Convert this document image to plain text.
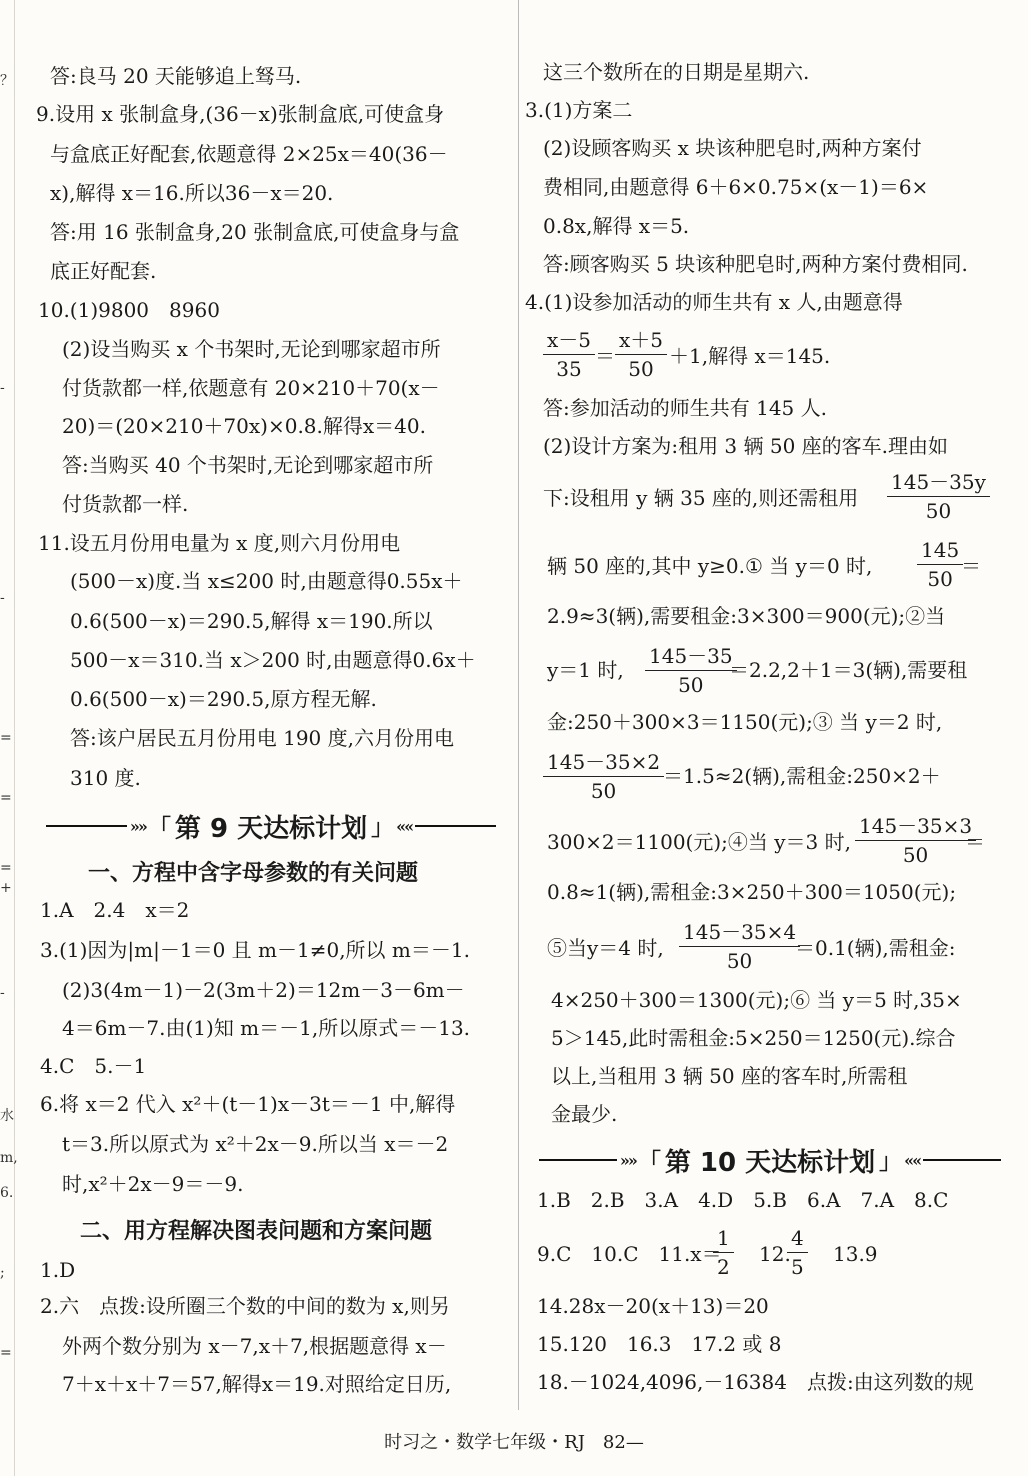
？
-
-
=
=
=
+
-
水
m,
6.
;
=
答:良马 20 天能够追上驽马.
9.设用 x 张制盒身,(36－x)张制盒底,可使盒身
与盒底正好配套,依题意得 2×25x＝40(36－
x),解得 x＝16.所以36－x＝20.
答:用 16 张制盒身,20 张制盒底,可使盒身与盒
底正好配套.
10.(1)9800　8960
(2)设当购买 x 个书架时,无论到哪家超市所
付货款都一样,依题意有 20×210＋70(x－
20)＝(20×210＋70x)×0.8.解得x＝40.
答:当购买 40 个书架时,无论到哪家超市所
付货款都一样.
11.设五月份用电量为 x 度,则六月份用电
(500－x)度.当 x≤200 时,由题意得0.55x＋
0.6(500－x)＝290.5,解得 x＝190.所以
500－x＝310.当 x＞200 时,由题意得0.6x＋
0.6(500－x)＝290.5,原方程无解.
答:该户居民五月份用电 190 度,六月份用电
310 度.
»» 「 第 9 天达标计划 」 ««
一、方程中含字母参数的有关问题
1.A　2.4　x＝2
3.(1)因为|m|－1＝0 且 m－1≠0,所以 m＝－1.
(2)3(4m－1)－2(3m＋2)＝12m－3－6m－
4＝6m－7.由(1)知 m＝－1,所以原式＝－13.
4.C　5.－1
6.将 x＝2 代入 x²＋(t－1)x－3t＝－1 中,解得
t＝3.所以原式为 x²＋2x－9.所以当 x＝－2
时,x²＋2x－9＝－9.
二、用方程解决图表问题和方案问题
1.D
2.六　点拨:设所圈三个数的中间的数为 x,则另
外两个数分别为 x－7,x＋7,根据题意得 x－
7＋x＋x＋7＝57,解得x＝19.对照给定日历,
这三个数所在的日期是星期六.
3.(1)方案二
(2)设顾客购买 x 块该种肥皂时,两种方案付
费相同,由题意得 6＋6×0.75×(x－1)＝6×
0.8x,解得 x＝5.
答:顾客购买 5 块该种肥皂时,两种方案付费相同.
4.(1)设参加活动的师生共有 x 人,由题意得
$\frac{x-5}{35} = \frac{x+5}{50} +1$,解得 x＝145.
答:参加活动的师生共有 145 人.
(2)设计方案为:租用 3 辆 50 座的客车.理由如
下:设租用 y 辆 35 座的,则还需租用 $\frac{145-35y}{50}$
辆 50 座的,其中 y≥0.① 当 y＝0 时, $\frac{145}{50}$
＝
2.9≈3(辆),需要租金:3×300＝900(元);②当
y＝1 时, $\frac{145-35}{50}$
＝2.2,2＋1＝3(辆),需要租
金:250＋300×3＝1150(元);③ 当 y＝2 时,
$\frac{145-35\times 2}{50}$
＝1.5≈2(辆),需租金:250×2＋
300×2＝1100(元);④当 y＝3 时, $\frac{145-35\times 3}{50}$
＝
0.8≈1(辆),需租金:3×250＋300＝1050(元);
⑤当y＝4 时, $\frac{145-35\times 4}{50}$
＝0.1(辆),需租金:
4×250＋300＝1300(元);⑥ 当 y＝5 时,35×
5＞145,此时需租金:5×250＝1250(元).综合
以上,当租用 3 辆 50 座的客车时,所需租
金最少.
»» 「 第 10 天达标计划 」 ««
1.B　2.B　3.A　4.D　5.B　6.A　7.A　8.C
9.C　10.C　11.x＝
$\frac{1}{2} 12$.
$\frac{4}{5} 13.9$
14.28x－20(x＋13)＝20
15.120　16.3　17.2 或 8
18.－1024,4096,－16384　点拨:由这列数的规
时习之・数学七年级・RJ　82—
